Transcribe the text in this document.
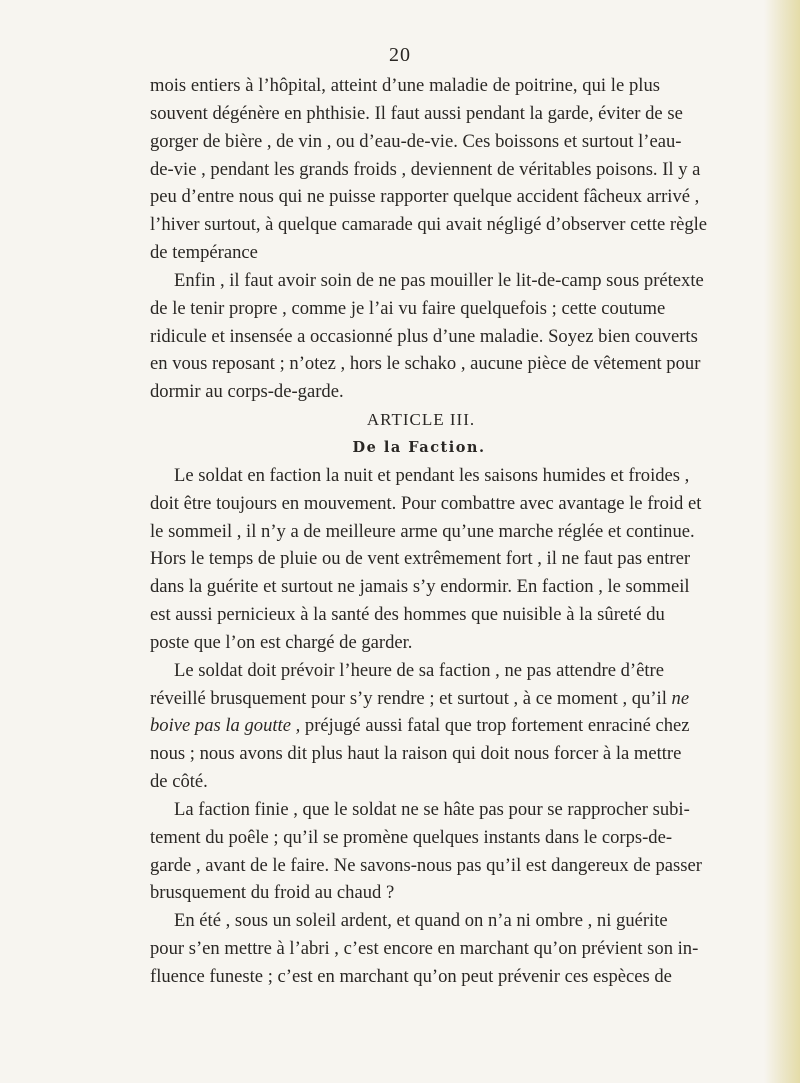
20
mois entiers à l’hôpital, atteint d’une maladie de poitrine, qui le plus
souvent dégénère en phthisie. Il faut aussi pendant la garde, éviter de se
gorger de bière , de vin , ou d’eau-de-vie. Ces boissons et surtout l’eau-
de-vie , pendant les grands froids , deviennent de véritables poisons. Il y a
peu d’entre nous qui ne puisse rapporter quelque accident fâcheux arrivé ,
l’hiver surtout, à quelque camarade qui avait négligé d’observer cette règle
de tempérance
Enfin , il faut avoir soin de ne pas mouiller le lit-de-camp sous prétexte
de le tenir propre , comme je l’ai vu faire quelquefois ; cette coutume
ridicule et insensée a occasionné plus d’une maladie. Soyez bien couverts
en vous reposant ; n’otez , hors le schako , aucune pièce de vêtement pour
dormir au corps-de-garde.
ARTICLE III.
De la Faction.
Le soldat en faction la nuit et pendant les saisons humides et froides ,
doit être toujours en mouvement. Pour combattre avec avantage le froid et
le sommeil , il n’y a de meilleure arme qu’une marche réglée et continue.
Hors le temps de pluie ou de vent extrêmement fort , il ne faut pas entrer
dans la guérite et surtout ne jamais s’y endormir. En faction , le sommeil
est aussi pernicieux à la santé des hommes que nuisible à la sûreté du
poste que l’on est chargé de garder.
Le soldat doit prévoir l’heure de sa faction , ne pas attendre d’être
réveillé brusquement pour s’y rendre ; et surtout , à ce moment , qu’il ne
boive pas la goutte , préjugé aussi fatal que trop fortement enraciné chez
nous ; nous avons dit plus haut la raison qui doit nous forcer à la mettre
de côté.
La faction finie , que le soldat ne se hâte pas pour se rapprocher subi-
tement du poêle ; qu’il se promène quelques instants dans le corps-de-
garde , avant de le faire. Ne savons-nous pas qu’il est dangereux de passer
brusquement du froid au chaud ?
En été , sous un soleil ardent, et quand on n’a ni ombre , ni guérite
pour s’en mettre à l’abri , c’est encore en marchant qu’on prévient son in-
fluence funeste ; c’est en marchant qu’on peut prévenir ces espèces de
